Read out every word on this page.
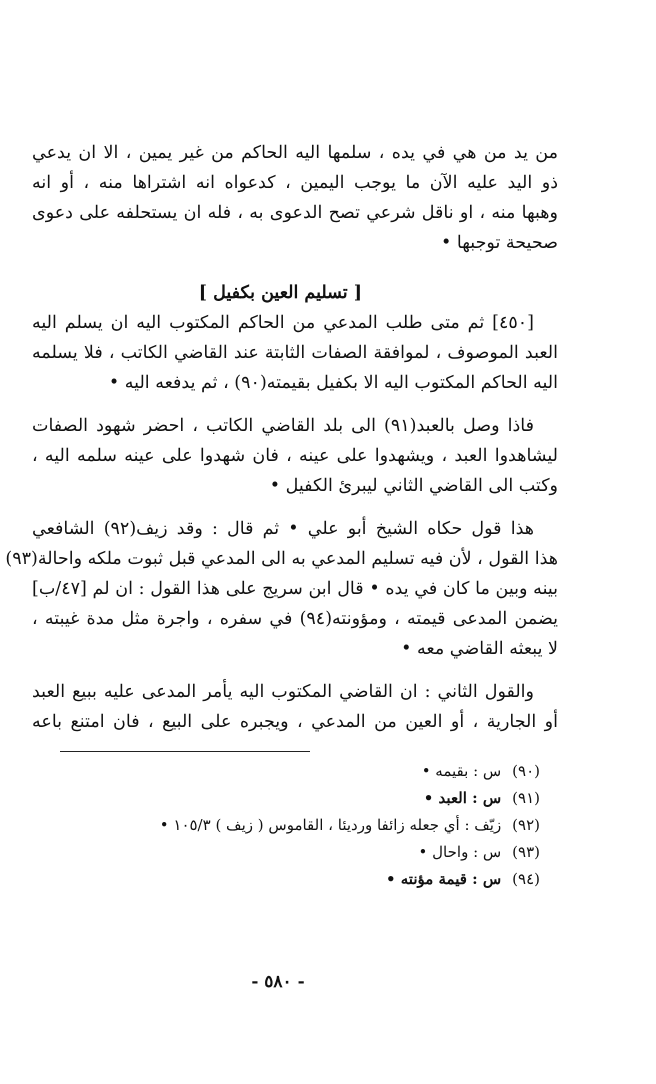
من يد من هي في يده ، سلمها اليه الحاكم من غير يمين ، الا ان يدعي
ذو اليد عليه الآن ما يوجب اليمين ، كدعواه انه اشتراها منه ، أو انه
وهبها منه ، او ناقل شرعي تصح الدعوى به ، فله ان يستحلفه على دعوى
صحيحة توجبها •
[ تسليم العين بكفيل ]
[٤٥٠] ثم متى طلب المدعي من الحاكم المكتوب اليه ان يسلم اليه
العبد الموصوف ، لموافقة الصفات الثابتة عند القاضي الكاتب ، فلا يسلمه
اليه الحاكم المكتوب اليه الا بكفيل بقيمته(٩٠) ، ثم يدفعه اليه •
فاذا وصل بالعبد(٩١) الى بلد القاضي الكاتب ، احضر شهود الصفات
ليشاهدوا العبد ، ويشهدوا على عينه ، فان شهدوا على عينه سلمه اليه ،
وكتب الى القاضي الثاني ليبرئ الكفيل •
هذا قول حكاه الشيخ أبو علي • ثم قال : وقد زيف(٩٢) الشافعي
هذا القول ، لأن فيه تسليم المدعي به الى المدعي قبل ثبوت ملكه واحالة(٩٣)
بينه وبين ما كان في يده • قال ابن سريج على هذا القول : ان لم [٤٧/ب]
يضمن المدعى قيمته ، ومؤونته(٩٤) في سفره ، واجرة مثل مدة غيبته ،
لا يبعثه القاضي معه •
والقول الثاني : ان القاضي المكتوب اليه يأمر المدعى عليه ببيع العبد
أو الجارية ، أو العين من المدعي ، ويجبره على البيع ، فان امتنع باعه
(٩٠) س : بقيمه •
(٩١) س : العبد •
(٩٢) زيّف : أي جعله زائفا ورديئا ، القاموس ( زيف ) ١٠٥/٣ •
(٩٣) س : واحال •
(٩٤) س : قيمة مؤنته •
- ٥٨٠ -
